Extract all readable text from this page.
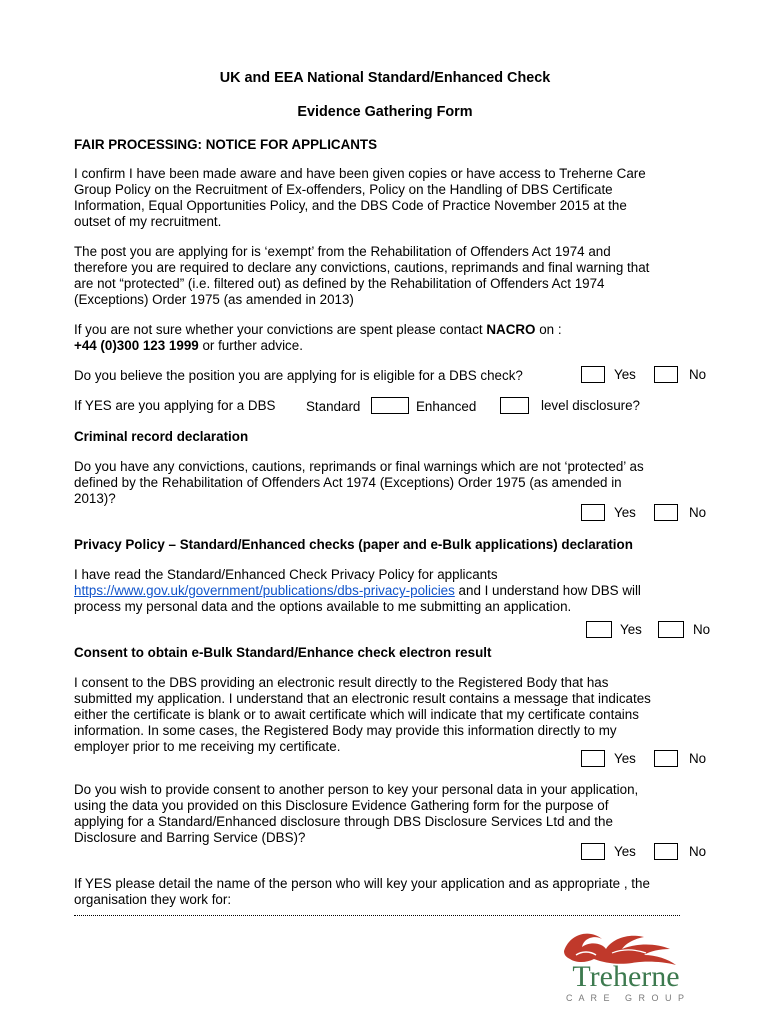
UK and EEA National Standard/Enhanced Check
Evidence Gathering Form
FAIR PROCESSING: NOTICE FOR APPLICANTS
I confirm I have been made aware and have been given copies or have access to Treherne Care
Group Policy on the Recruitment of Ex-offenders, Policy on the Handling of DBS Certificate
Information, Equal Opportunities Policy, and the DBS Code of Practice November 2015 at the
outset of my recruitment.
The post you are applying for is ‘exempt’ from the Rehabilitation of Offenders Act 1974 and
therefore you are required to declare any convictions, cautions, reprimands and final warning that
are not “protected” (i.e. filtered out) as defined by the Rehabilitation of Offenders Act 1974
(Exceptions) Order 1975 (as amended in 2013)
If you are not sure whether your convictions are spent please contact NACRO on :
+44 (0)300 123 1999 or further advice.
Do you believe the position you are applying for is eligible for a DBS check?	Yes	No
If YES are you applying for a DBS Standard	Enhanced	level disclosure?
Criminal record declaration
Do you have any convictions, cautions, reprimands or final warnings which are not ‘protected’ as
defined by the Rehabilitation of Offenders Act 1974 (Exceptions) Order 1975 (as amended in
2013)?
Yes	No
Privacy Policy – Standard/Enhanced checks (paper and e-Bulk applications) declaration
I have read the Standard/Enhanced Check Privacy Policy for applicants
https://www.gov.uk/government/publications/dbs-privacy-policies and I understand how DBS will
process my personal data and the options available to me submitting an application.
Yes	No
Consent to obtain e-Bulk Standard/Enhance check electron result
I consent to the DBS providing an electronic result directly to the Registered Body that has
submitted my application. I understand that an electronic result contains a message that indicates
either the certificate is blank or to await certificate which will indicate that my certificate contains
information. In some cases, the Registered Body may provide this information directly to my
employer prior to me receiving my certificate.
Yes	No
Do you wish to provide consent to another person to key your personal data in your application,
using the data you provided on this Disclosure Evidence Gathering form for the purpose of
applying for a Standard/Enhanced disclosure through DBS Disclosure Services Ltd and the
Disclosure and Barring Service (DBS)?
Yes	No
If YES please detail the name of the person who will key your application and as appropriate , the
organisation they work for:
Treherne
C A R E   G R O U P
